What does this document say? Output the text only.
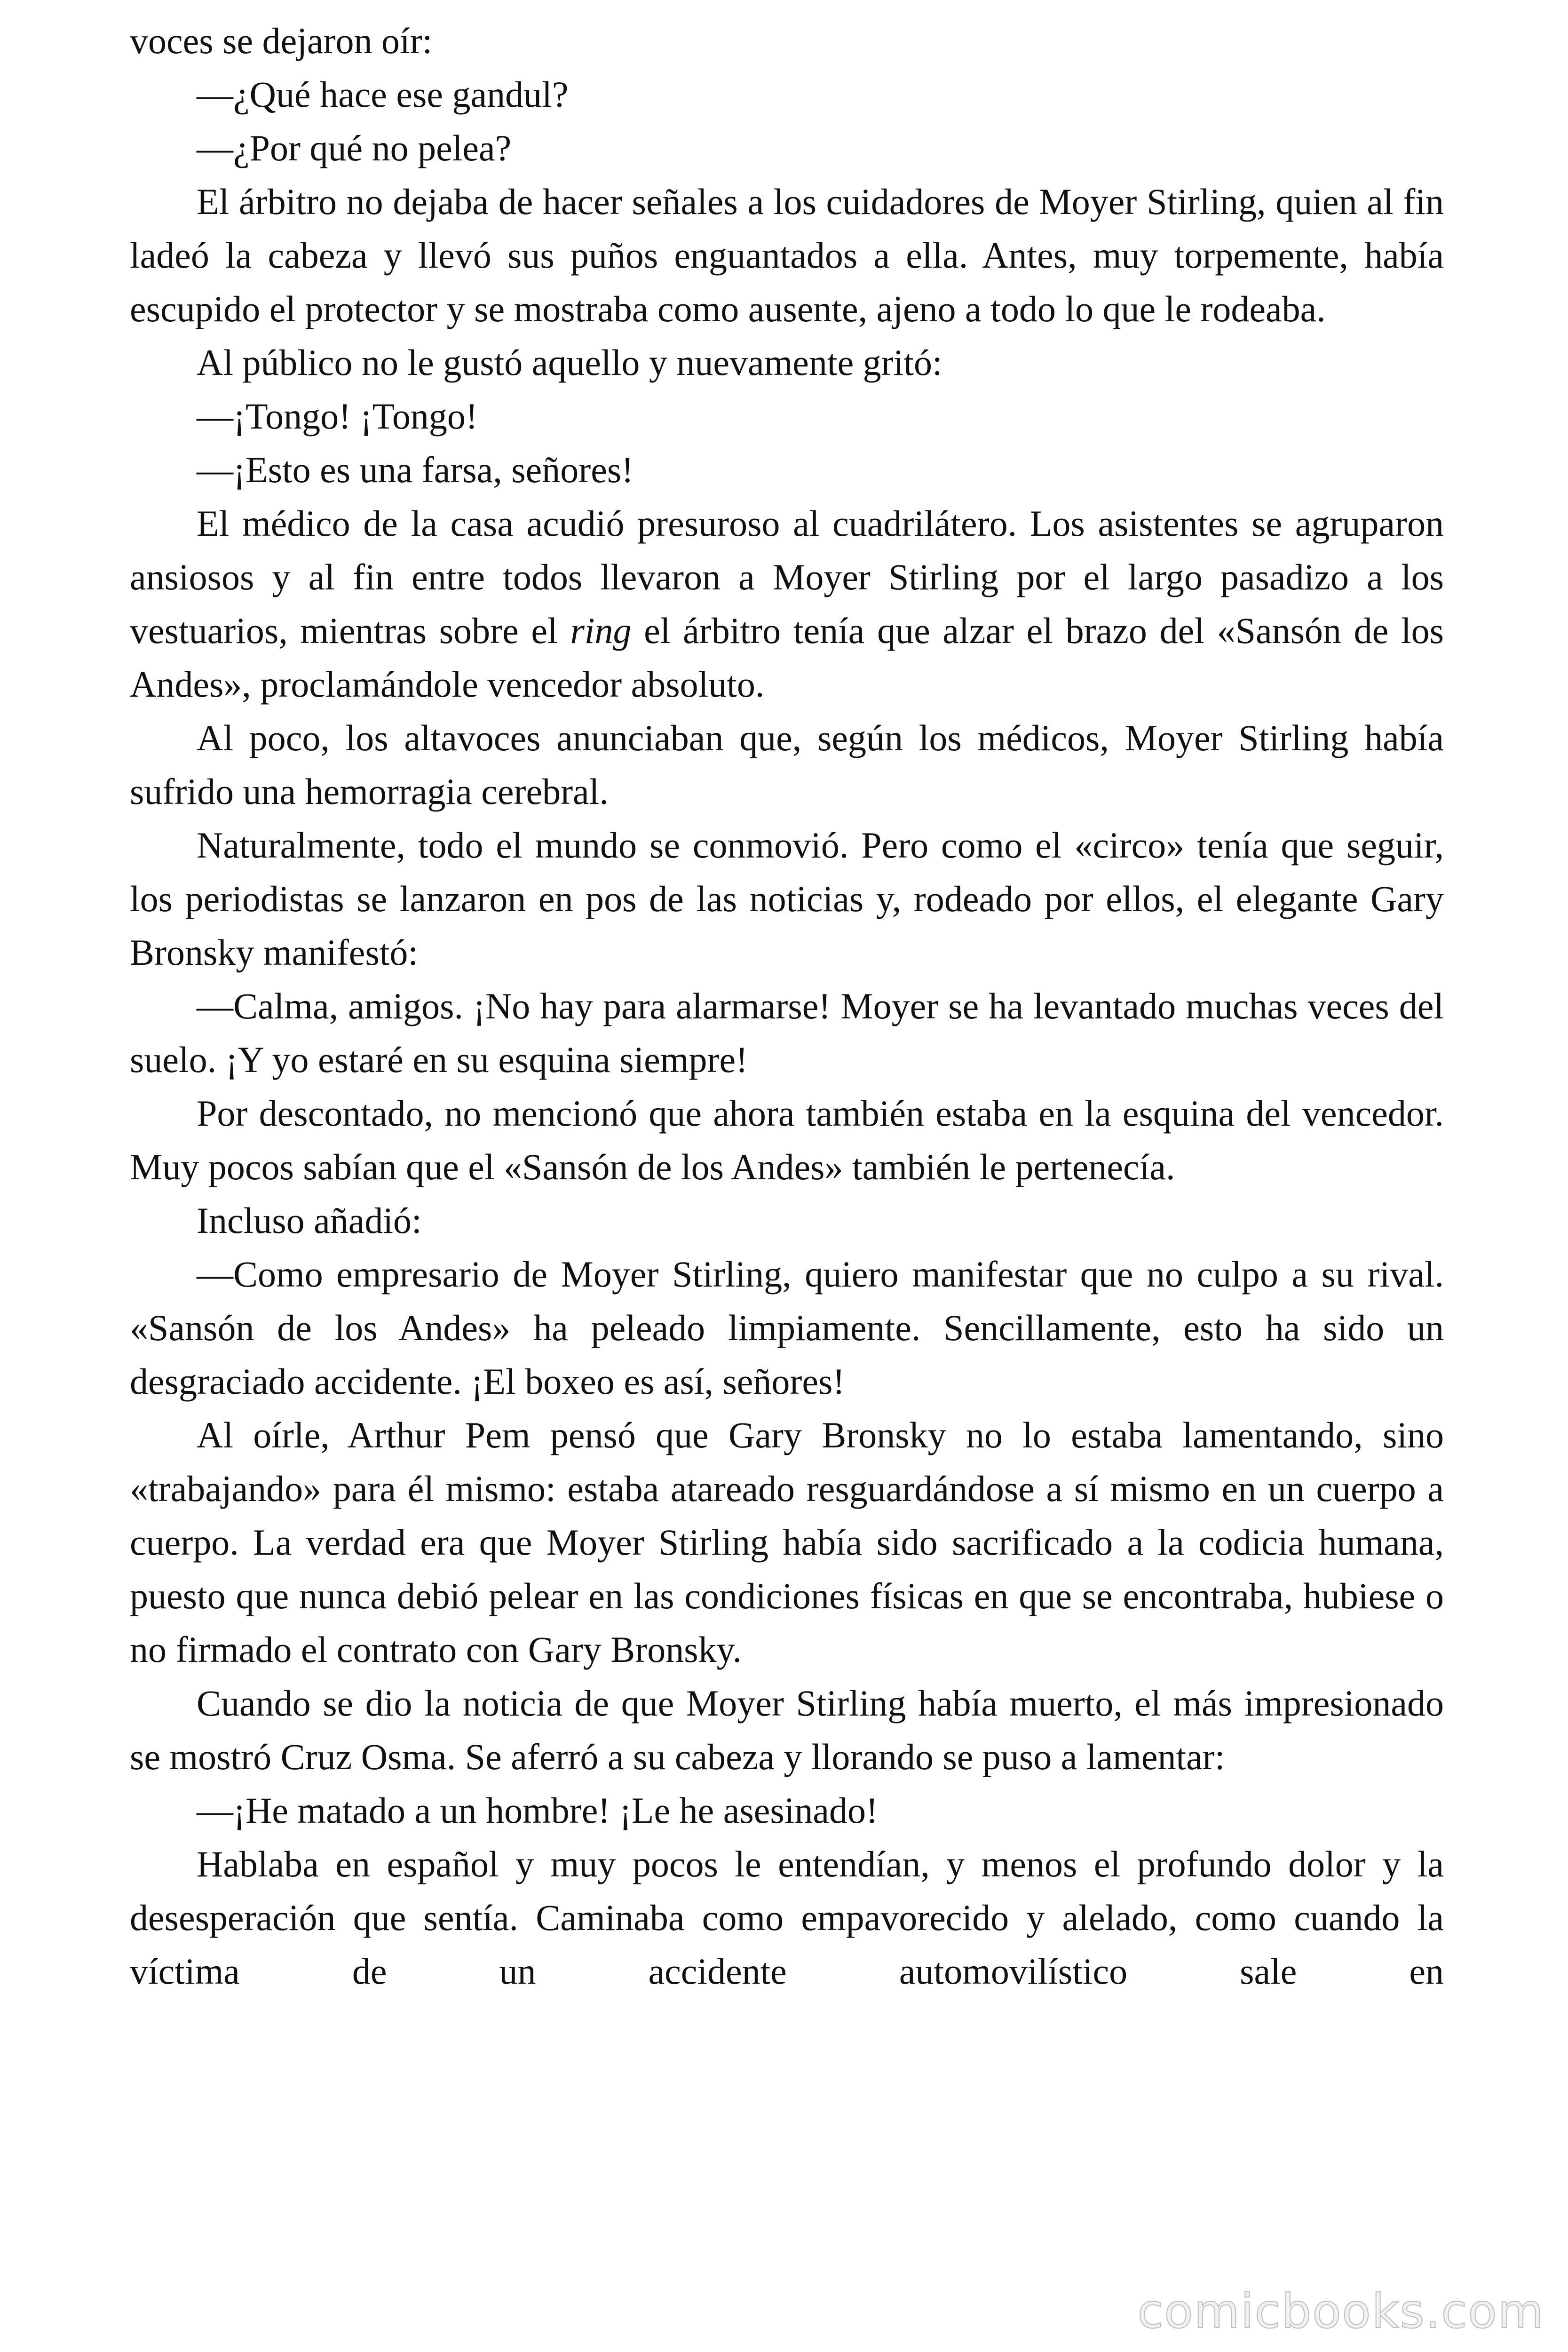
voces se dejaron oír:

—¿Qué hace ese gandul?

—¿Por qué no pelea?

El árbitro no dejaba de hacer señales a los cuidadores de Moyer Stirling, quien al fin ladeó la cabeza y llevó sus puños enguantados a ella. Antes, muy torpemente, había escupido el protector y se mostraba como ausente, ajeno a todo lo que le rodeaba.

Al público no le gustó aquello y nuevamente gritó:

—¡Tongo! ¡Tongo!

—¡Esto es una farsa, señores!

El médico de la casa acudió presuroso al cuadrilátero. Los asistentes se agruparon ansiosos y al fin entre todos llevaron a Moyer Stirling por el largo pasadizo a los vestuarios, mientras sobre el ring el árbitro tenía que alzar el brazo del «Sansón de los Andes», proclamándole vencedor absoluto.

Al poco, los altavoces anunciaban que, según los médicos, Moyer Stirling había sufrido una hemorragia cerebral.

Naturalmente, todo el mundo se conmovió. Pero como el «circo» tenía que seguir, los periodistas se lanzaron en pos de las noticias y, rodeado por ellos, el elegante Gary Bronsky manifestó:

—Calma, amigos. ¡No hay para alarmarse! Moyer se ha levantado muchas veces del suelo. ¡Y yo estaré en su esquina siempre!

Por descontado, no mencionó que ahora también estaba en la esquina del vencedor. Muy pocos sabían que el «Sansón de los Andes» también le pertenecía.

Incluso añadió:

—Como empresario de Moyer Stirling, quiero manifestar que no culpo a su rival. «Sansón de los Andes» ha peleado limpiamente. Sencillamente, esto ha sido un desgraciado accidente. ¡El boxeo es así, señores!

Al oírle, Arthur Pem pensó que Gary Bronsky no lo estaba lamentando, sino «trabajando» para él mismo: estaba atareado resguardándose a sí mismo en un cuerpo a cuerpo. La verdad era que Moyer Stirling había sido sacrificado a la codicia humana, puesto que nunca debió pelear en las condiciones físicas en que se encontraba, hubiese o no firmado el contrato con Gary Bronsky.

Cuando se dio la noticia de que Moyer Stirling había muerto, el más impresionado se mostró Cruz Osma. Se aferró a su cabeza y llorando se puso a lamentar:

—¡He matado a un hombre! ¡Le he asesinado!

Hablaba en español y muy pocos le entendían, y menos el profundo dolor y la desesperación que sentía. Caminaba como empavorecido y alelado, como cuando la víctima de un accidente automovilístico sale en

comicbooks.com
